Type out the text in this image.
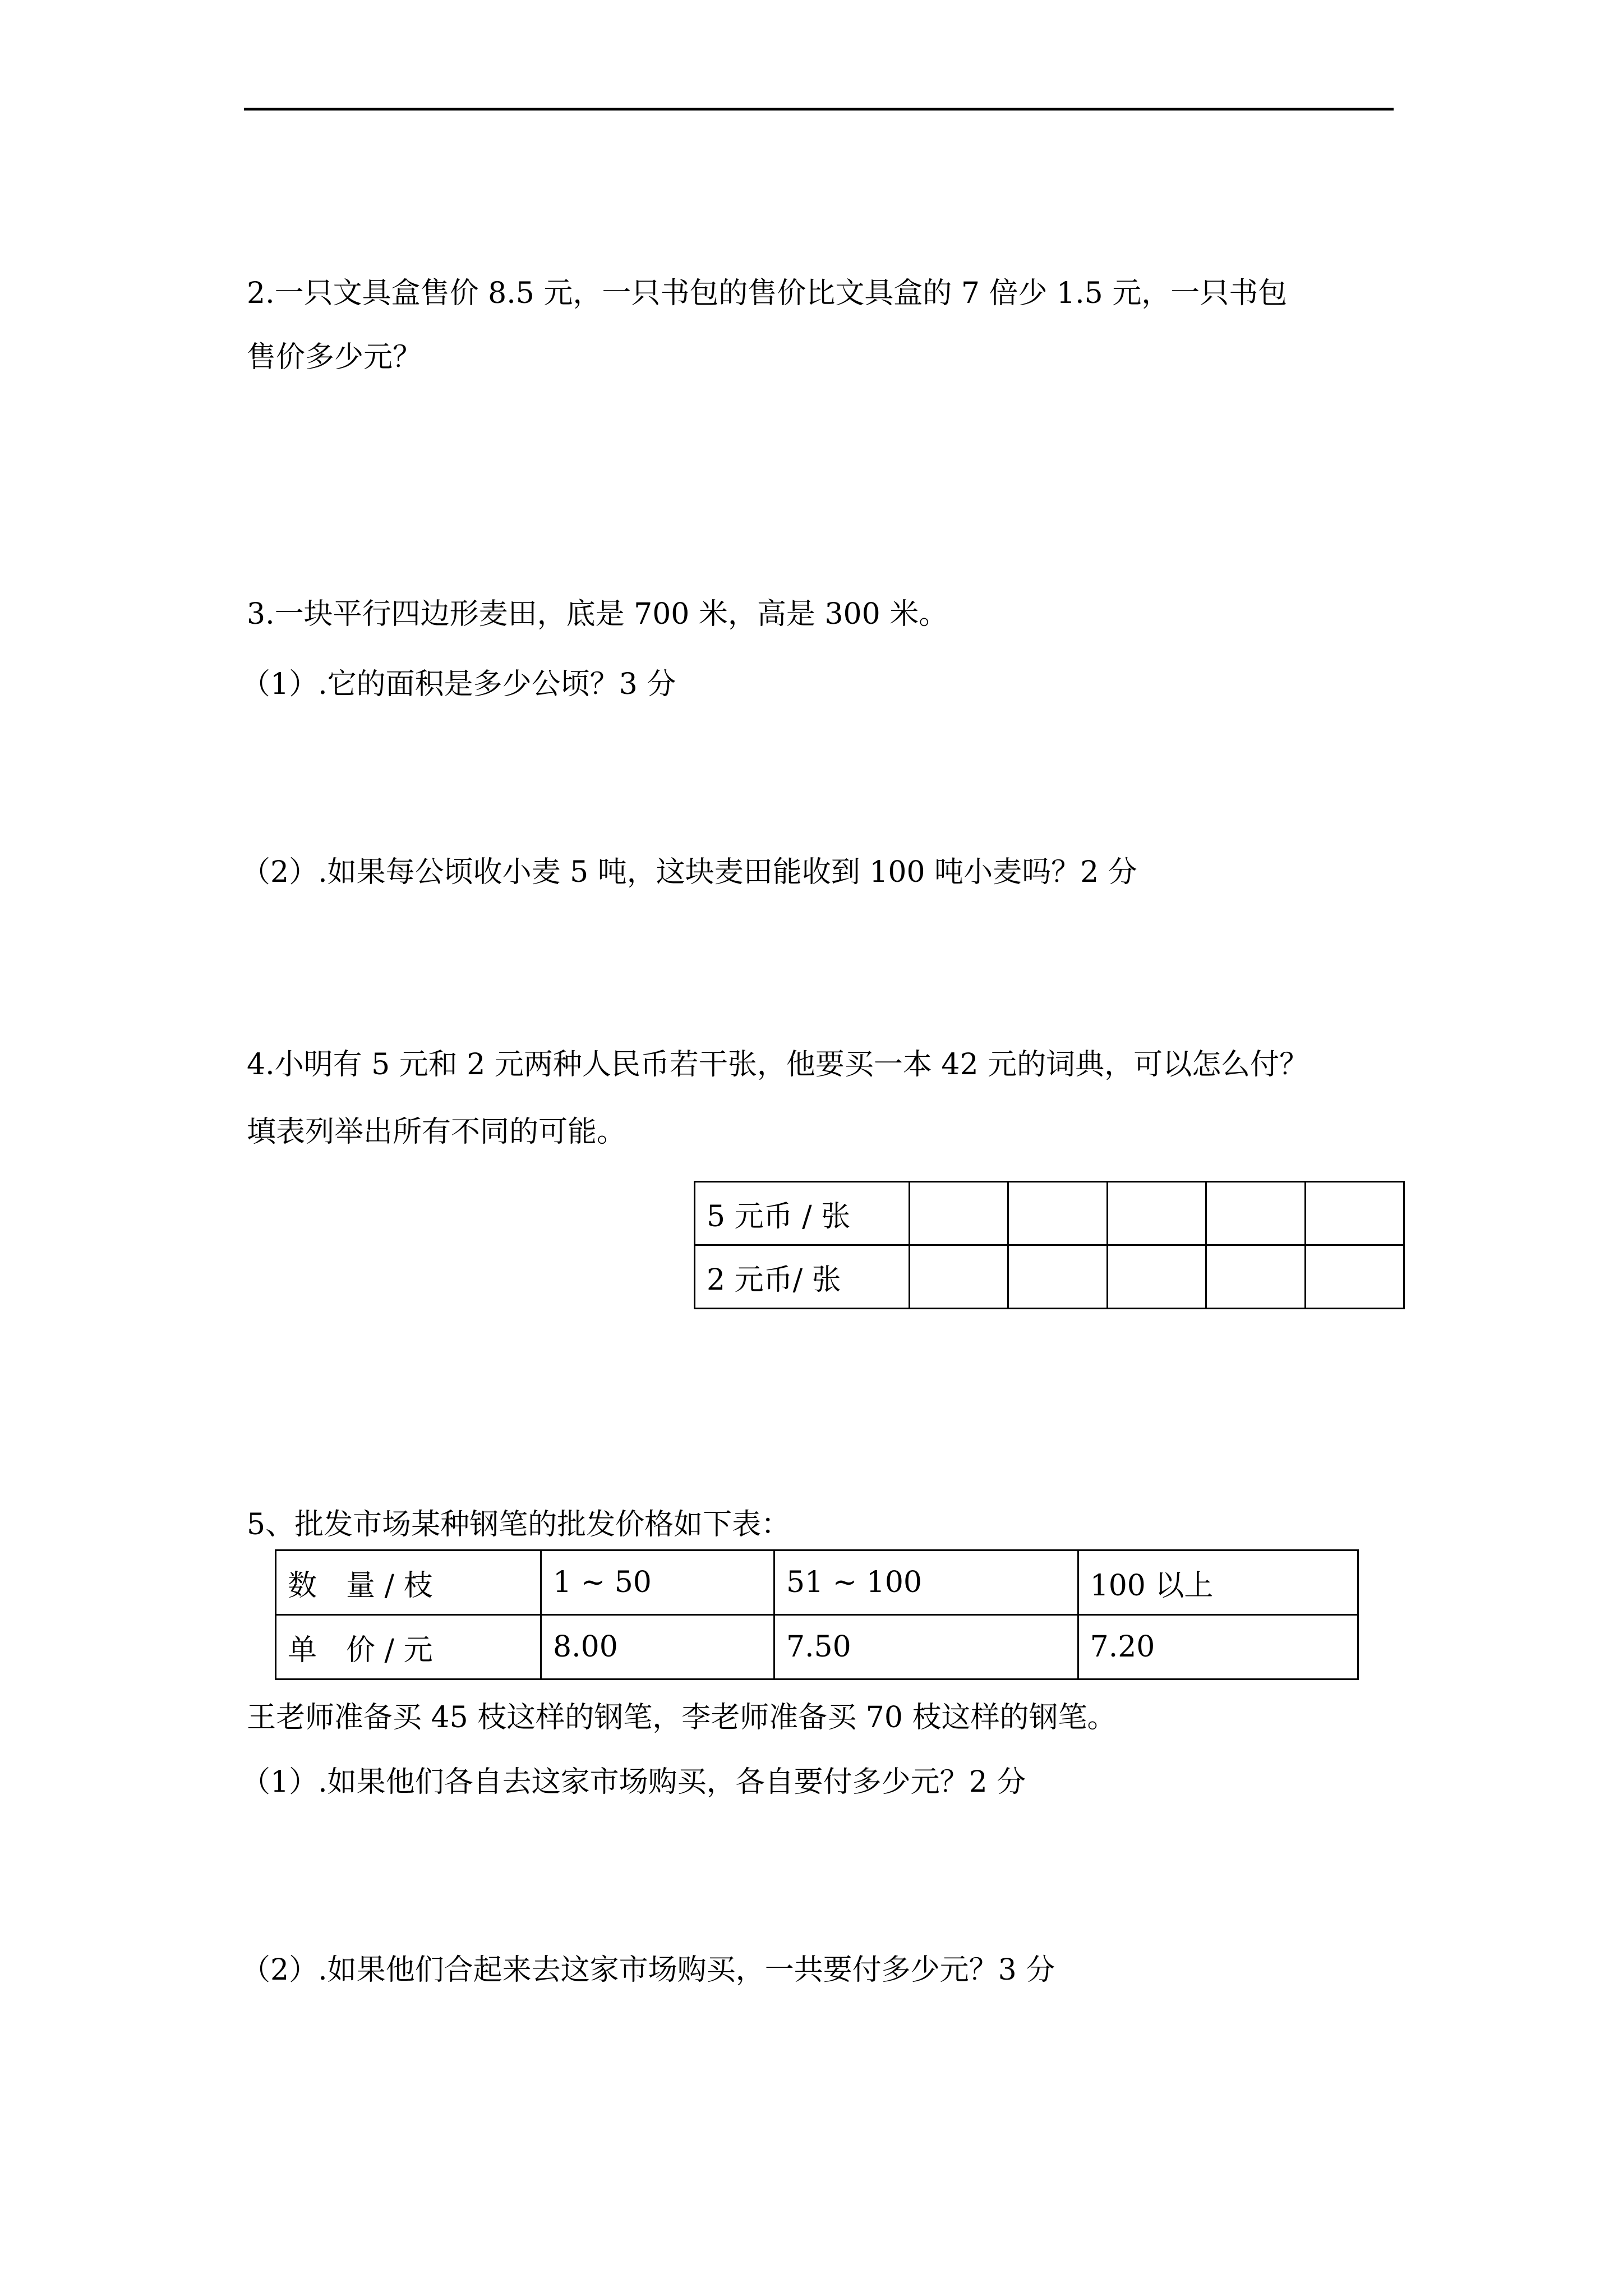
2.一只文具盒售价 8.5 元，一只书包的售价比文具盒的 7 倍少 1.5 元，一只书包
售价多少元？
3.一块平行四边形麦田，底是 700 米，高是 300 米。
（1）.它的面积是多少公顷？3 分
（2）.如果每公顷收小麦 5 吨，这块麦田能收到 100 吨小麦吗？2 分
4.小明有 5 元和 2 元两种人民币若干张，他要买一本 42 元的词典，可以怎么付？
填表列举出所有不同的可能。
5 元币 / 张					
2 元币/ 张					
5、批发市场某种钢笔的批发价格如下表：
数　量 / 枝	1 ~ 50	51 ~ 100	100 以上
单　价 / 元	8.00	7.50	7.20
王老师准备买 45 枝这样的钢笔，李老师准备买 70 枝这样的钢笔。
（1）.如果他们各自去这家市场购买，各自要付多少元？2 分
（2）.如果他们合起来去这家市场购买，一共要付多少元？3 分
